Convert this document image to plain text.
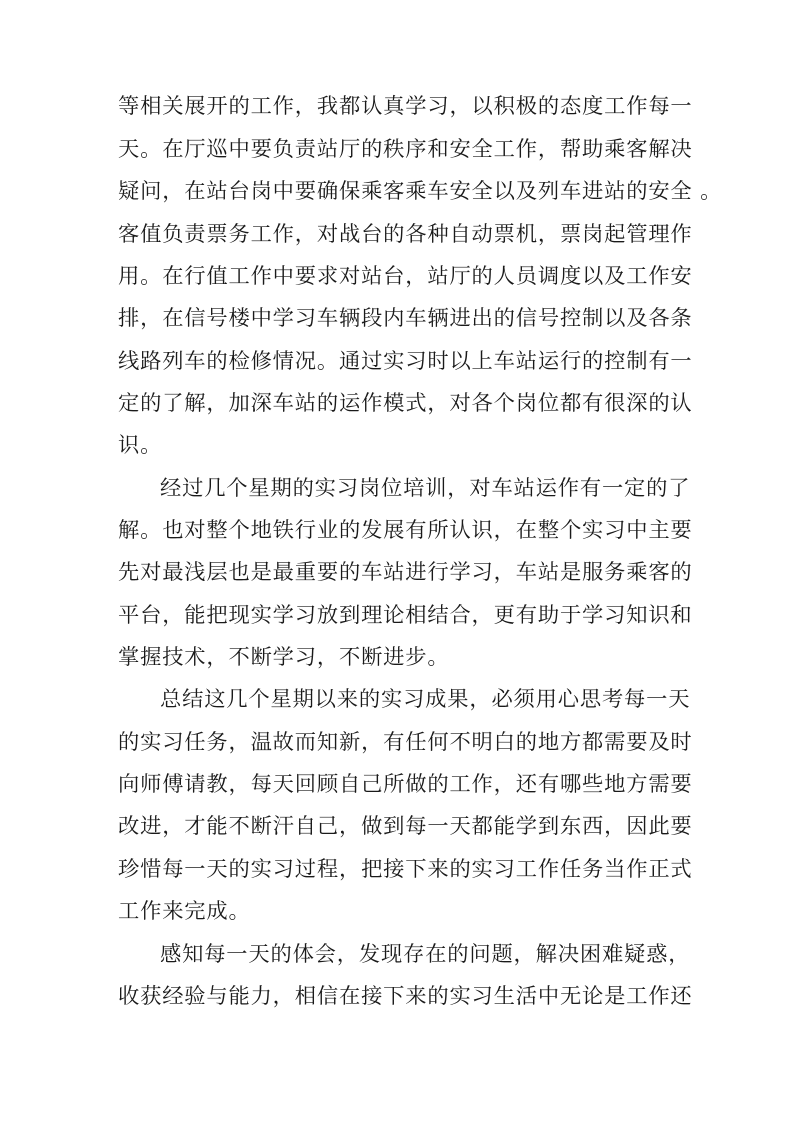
等相关展开的工作，我都认真学习，以积极的态度工作每一
天。在厅巡中要负责站厅的秩序和安全工作，帮助乘客解决
疑问，在站台岗中要确保乘客乘车安全以及列车进站的安全 。
客值负责票务工作，对战台的各种自动票机，票岗起管理作
用。在行值工作中要求对站台，站厅的人员调度以及工作安
排，在信号楼中学习车辆段内车辆进出的信号控制以及各条
线路列车的检修情况。通过实习时以上车站运行的控制有一
定的了解，加深车站的运作模式，对各个岗位都有很深的认
识。
经过几个星期的实习岗位培训，对车站运作有一定的了
解。也对整个地铁行业的发展有所认识，在整个实习中主要
先对最浅层也是最重要的车站进行学习，车站是服务乘客的
平台，能把现实学习放到理论相结合，更有助于学习知识和
掌握技术，不断学习，不断进步。
总结这几个星期以来的实习成果，必须用心思考每一天
的实习任务，温故而知新，有任何不明白的地方都需要及时
向师傅请教，每天回顾自己所做的工作，还有哪些地方需要
改进，才能不断汗自己，做到每一天都能学到东西，因此要
珍惜每一天的实习过程，把接下来的实习工作任务当作正式
工作来完成。
感知每一天的体会，发现存在的问题，解决困难疑惑，
收获经验与能力，相信在接下来的实习生活中无论是工作还
